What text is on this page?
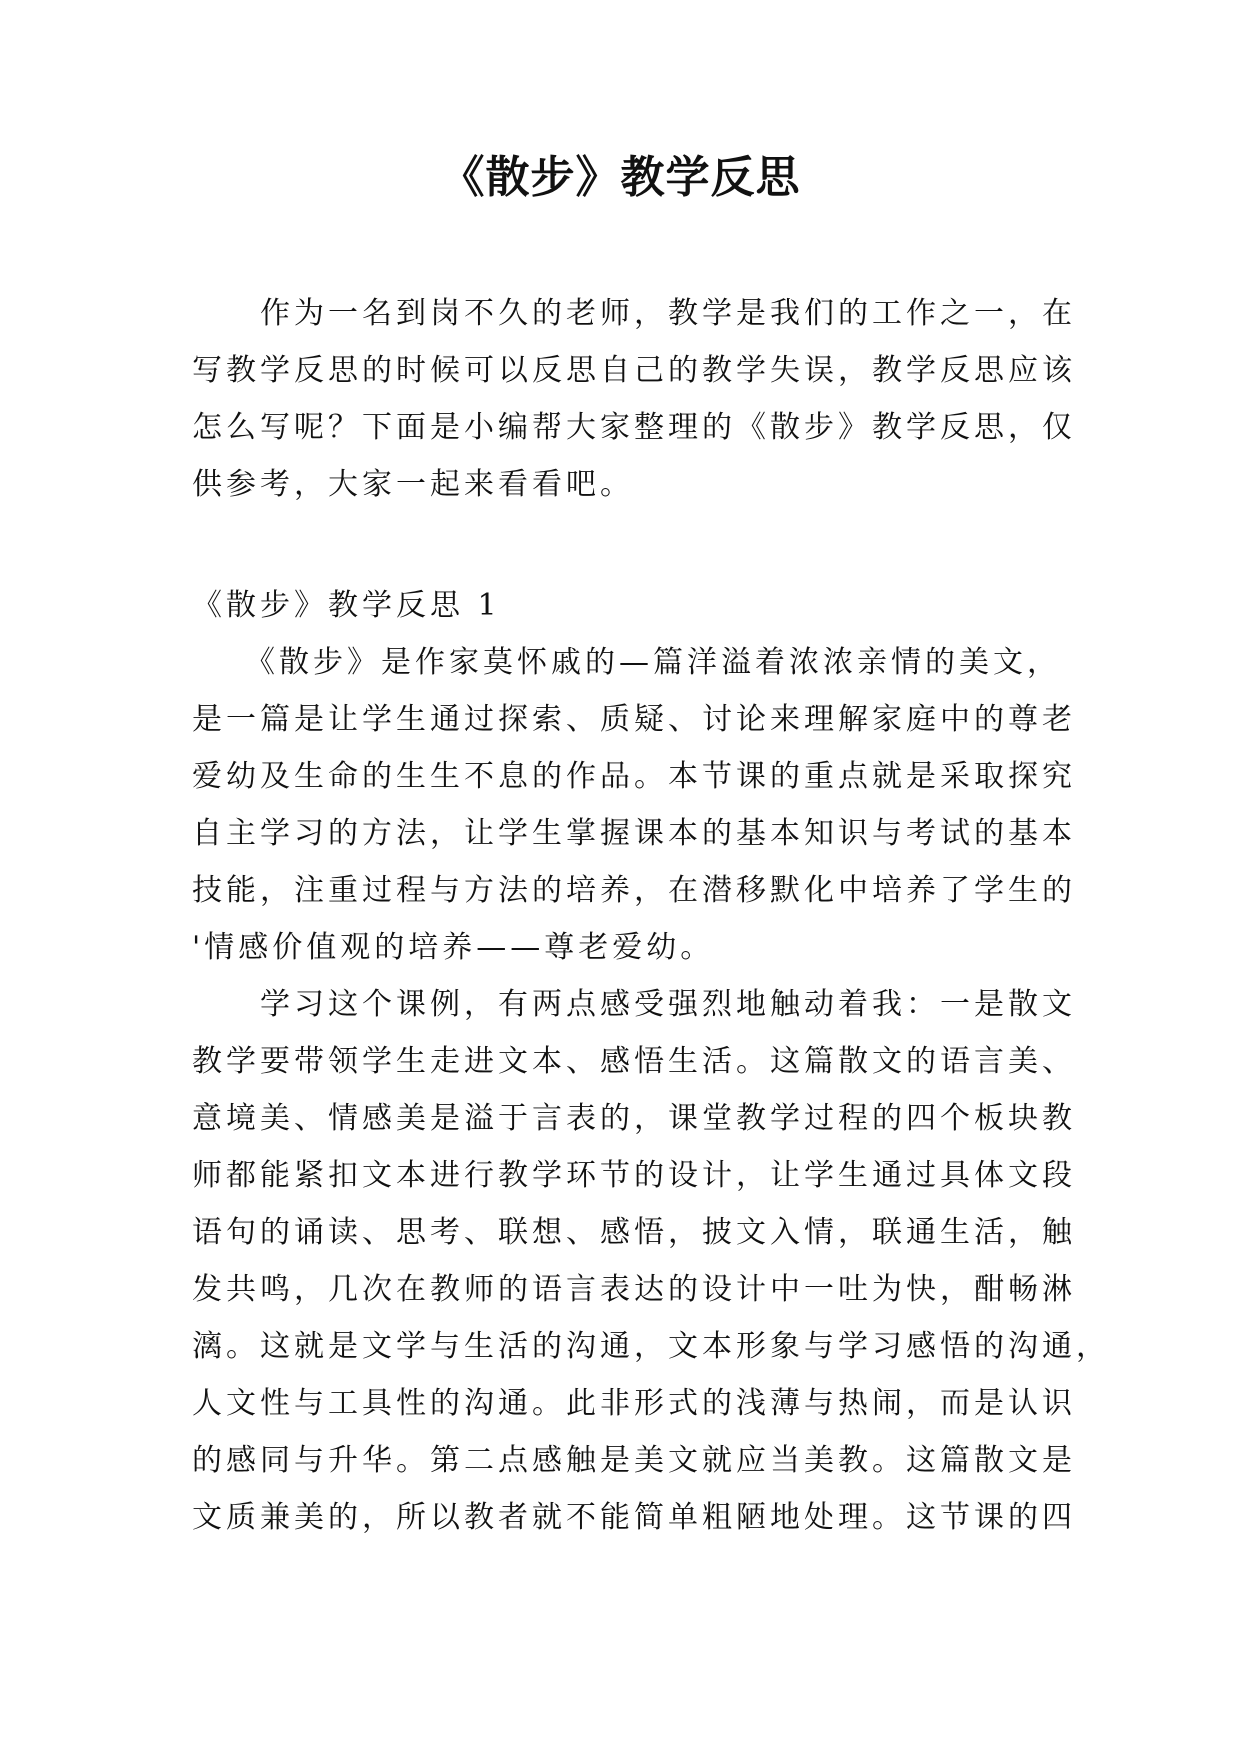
《散步》教学反思
　　作为一名到岗不久的老师，教学是我们的工作之一，在
写教学反思的时候可以反思自己的教学失误，教学反思应该
怎么写呢？下面是小编帮大家整理的《散步》教学反思，仅
供参考，大家一起来看看吧。
《散步》教学反思 1
　　《散步》是作家莫怀戚的—篇洋溢着浓浓亲情的美文，
是一篇是让学生通过探索、质疑、讨论来理解家庭中的尊老
爱幼及生命的生生不息的作品。本节课的重点就是采取探究
自主学习的方法，让学生掌握课本的基本知识与考试的基本
技能，注重过程与方法的培养，在潜移默化中培养了学生的
'情感价值观的培养——尊老爱幼。
　　学习这个课例，有两点感受强烈地触动着我：一是散文
教学要带领学生走进文本、感悟生活。这篇散文的语言美、
意境美、情感美是溢于言表的，课堂教学过程的四个板块教
师都能紧扣文本进行教学环节的设计，让学生通过具体文段
语句的诵读、思考、联想、感悟，披文入情，联通生活，触
发共鸣，几次在教师的语言表达的设计中一吐为快，酣畅淋
漓。这就是文学与生活的沟通，文本形象与学习感悟的沟通，
人文性与工具性的沟通。此非形式的浅薄与热闹，而是认识
的感同与升华。第二点感触是美文就应当美教。这篇散文是
文质兼美的，所以教者就不能简单粗陋地处理。这节课的四
